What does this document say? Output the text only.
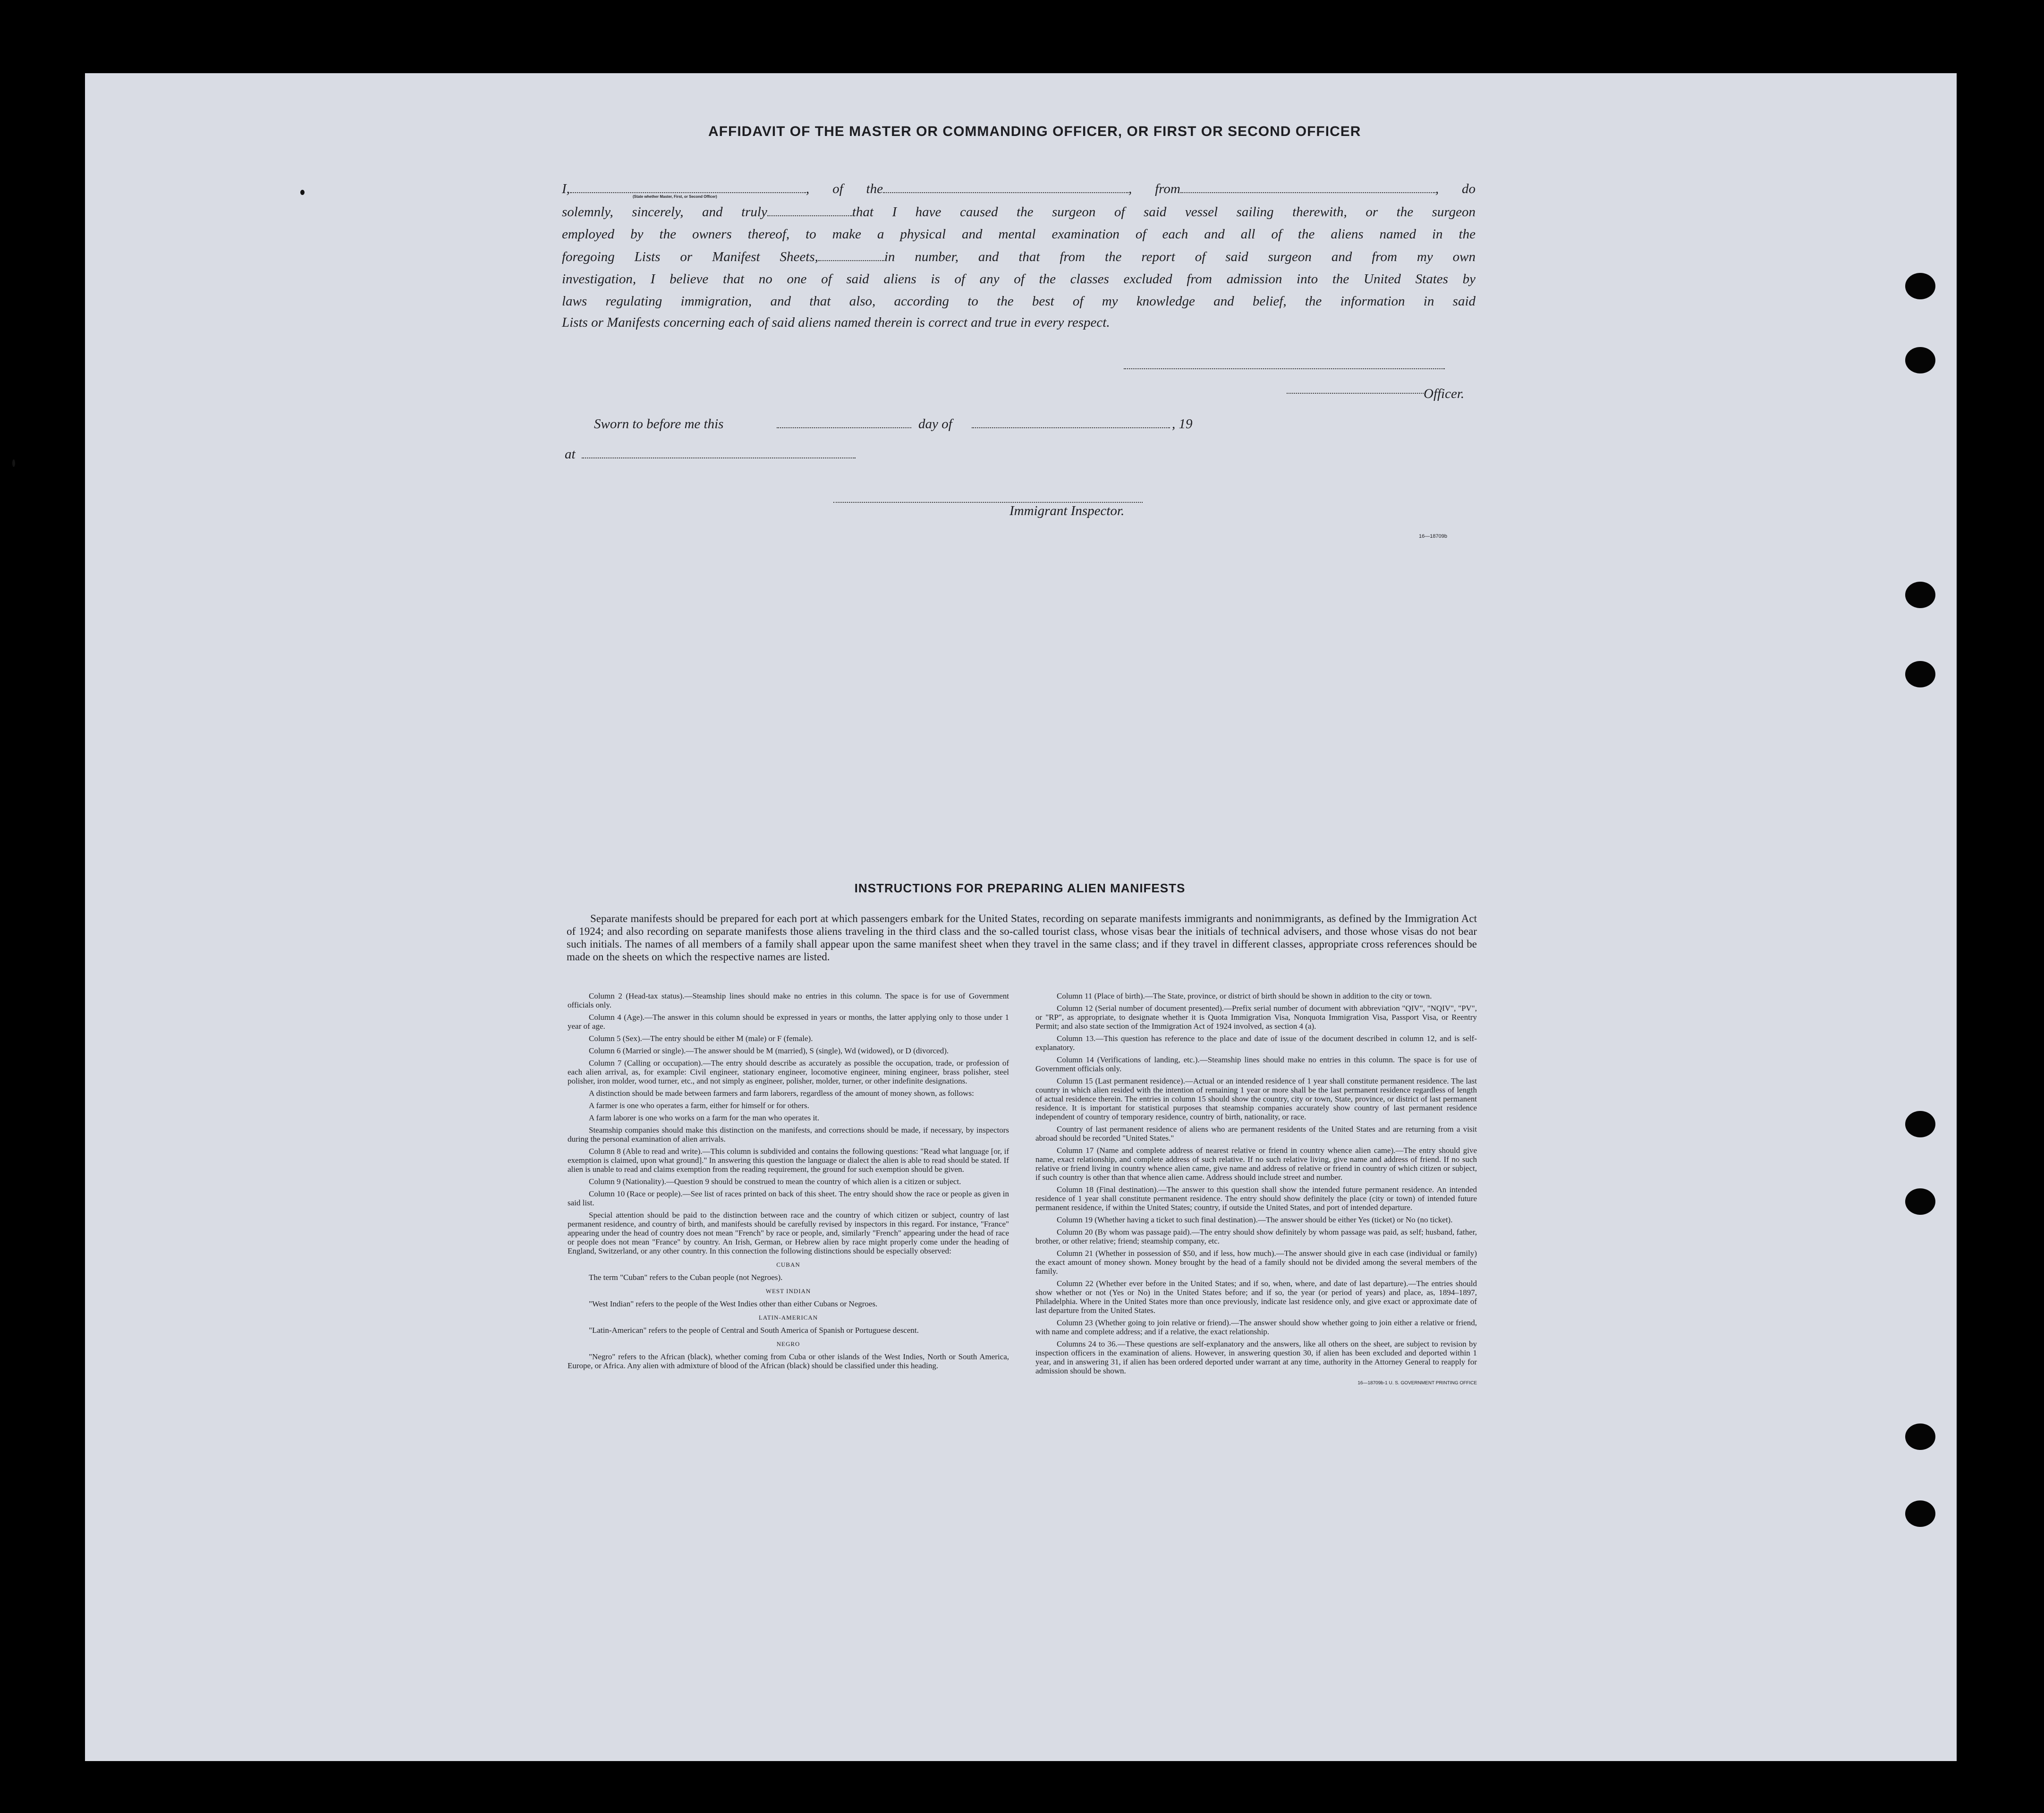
AFFIDAVIT OF THE MASTER OR COMMANDING OFFICER, OR FIRST OR SECOND OFFICER
I,	, of the	, from	, do
(State whether Master, First, or Second Officer)
solemnly, sincerely, and truly	that I have caused the surgeon of said vessel sailing therewith, or the surgeon
employed by the owners thereof, to make a physical and mental examination of each and all of the aliens named in the
foregoing Lists or Manifest Sheets,	in number, and that from the report of said surgeon and from my own
investigation, I believe that no one of said aliens is of any of the classes excluded from admission into the United States by
laws regulating immigration, and that also, according to the best of my knowledge and belief, the information in said
Lists or Manifests concerning each of said aliens named therein is correct and true in every respect.
Officer.
Sworn to before me this	day of	, 19
at
Immigrant Inspector.
16—18709b
INSTRUCTIONS FOR PREPARING ALIEN MANIFESTS
Separate manifests should be prepared for each port at which passengers embark for the United States, recording on separate manifests immigrants and nonimmigrants, as defined by the Immigration Act of 1924; and also recording on separate manifests those aliens traveling in the third class and the so-called tourist class, whose visas bear the initials of technical advisers, and those whose visas do not bear such initials. The names of all members of a family shall appear upon the same manifest sheet when they travel in the same class; and if they travel in different classes, appropriate cross references should be made on the sheets on which the respective names are listed.

Column 2 (Head-tax status).—Steamship lines should make no entries in this column. The space is for use of Government officials only.

Column 4 (Age).—The answer in this column should be expressed in years or months, the latter applying only to those under 1 year of age.

Column 5 (Sex).—The entry should be either M (male) or F (female).

Column 6 (Married or single).—The answer should be M (married), S (single), Wd (widowed), or D (divorced).

Column 7 (Calling or occupation).—The entry should describe as accurately as possible the occupation, trade, or profession of each alien arrival, as, for example: Civil engineer, stationary engineer, locomotive engineer, mining engineer, brass polisher, steel polisher, iron molder, wood turner, etc., and not simply as engineer, polisher, molder, turner, or other indefinite designations.

A distinction should be made between farmers and farm laborers, regardless of the amount of money shown, as follows:

A farmer is one who operates a farm, either for himself or for others.

A farm laborer is one who works on a farm for the man who operates it.

Steamship companies should make this distinction on the manifests, and corrections should be made, if necessary, by inspectors during the personal examination of alien arrivals.

Column 8 (Able to read and write).—This column is subdivided and contains the following questions: "Read what language [or, if exemption is claimed, upon what ground]." In answering this question the language or dialect the alien is able to read should be stated. If alien is unable to read and claims exemption from the reading requirement, the ground for such exemption should be given.

Column 9 (Nationality).—Question 9 should be construed to mean the country of which alien is a citizen or subject.

Column 10 (Race or people).—See list of races printed on back of this sheet. The entry should show the race or people as given in said list.

Special attention should be paid to the distinction between race and the country of which citizen or subject, country of last permanent residence, and country of birth, and manifests should be carefully revised by inspectors in this regard. For instance, "France" appearing under the head of country does not mean "French" by race or people, and, similarly "French" appearing under the head of race or people does not mean "France" by country. An Irish, German, or Hebrew alien by race might properly come under the heading of England, Switzerland, or any other country. In this connection the following distinctions should be especially observed:

CUBAN

The term "Cuban" refers to the Cuban people (not Negroes).

WEST INDIAN

"West Indian" refers to the people of the West Indies other than either Cubans or Negroes.

LATIN-AMERICAN

"Latin-American" refers to the people of Central and South America of Spanish or Portuguese descent.

NEGRO

"Negro" refers to the African (black), whether coming from Cuba or other islands of the West Indies, North or South America, Europe, or Africa. Any alien with admixture of blood of the African (black) should be classified under this heading.

Column 11 (Place of birth).—The State, province, or district of birth should be shown in addition to the city or town.

Column 12 (Serial number of document presented).—Prefix serial number of document with abbreviation "QIV", "NQIV", "PV", or "RP", as appropriate, to designate whether it is Quota Immigration Visa, Nonquota Immigration Visa, Passport Visa, or Reentry Permit; and also state section of the Immigration Act of 1924 involved, as section 4 (a).

Column 13.—This question has reference to the place and date of issue of the document described in column 12, and is self-explanatory.

Column 14 (Verifications of landing, etc.).—Steamship lines should make no entries in this column. The space is for use of Government officials only.

Column 15 (Last permanent residence).—Actual or an intended residence of 1 year shall constitute permanent residence. The last country in which alien resided with the intention of remaining 1 year or more shall be the last permanent residence regardless of length of actual residence therein. The entries in column 15 should show the country, city or town, State, province, or district of last permanent residence. It is important for statistical purposes that steamship companies accurately show country of last permanent residence independent of country of temporary residence, country of birth, nationality, or race.

Country of last permanent residence of aliens who are permanent residents of the United States and are returning from a visit abroad should be recorded "United States."

Column 17 (Name and complete address of nearest relative or friend in country whence alien came).—The entry should give name, exact relationship, and complete address of such relative. If no such relative living, give name and address of friend. If no such relative or friend living in country whence alien came, give name and address of relative or friend in country of which citizen or subject, if such country is other than that whence alien came. Address should include street and number.

Column 18 (Final destination).—The answer to this question shall show the intended future permanent residence. An intended residence of 1 year shall constitute permanent residence. The entry should show definitely the place (city or town) of intended future permanent residence, if within the United States; country, if outside the United States, and port of intended departure.

Column 19 (Whether having a ticket to such final destination).—The answer should be either Yes (ticket) or No (no ticket).

Column 20 (By whom was passage paid).—The entry should show definitely by whom passage was paid, as self; husband, father, brother, or other relative; friend; steamship company, etc.

Column 21 (Whether in possession of $50, and if less, how much).—The answer should give in each case (individual or family) the exact amount of money shown. Money brought by the head of a family should not be divided among the several members of the family.

Column 22 (Whether ever before in the United States; and if so, when, where, and date of last departure).—The entries should show whether or not (Yes or No) in the United States before; and if so, the year (or period of years) and place, as, 1894–1897, Philadelphia. Where in the United States more than once previously, indicate last residence only, and give exact or approximate date of last departure from the United States.

Column 23 (Whether going to join relative or friend).—The answer should show whether going to join either a relative or friend, with name and complete address; and if a relative, the exact relationship.

Columns 24 to 36.—These questions are self-explanatory and the answers, like all others on the sheet, are subject to revision by inspection officers in the examination of aliens. However, in answering question 30, if alien has been excluded and deported within 1 year, and in answering 31, if alien has been ordered deported under warrant at any time, authority in the Attorney General to reapply for admission should be shown.

16—18709b-1 U. S. GOVERNMENT PRINTING OFFICE
